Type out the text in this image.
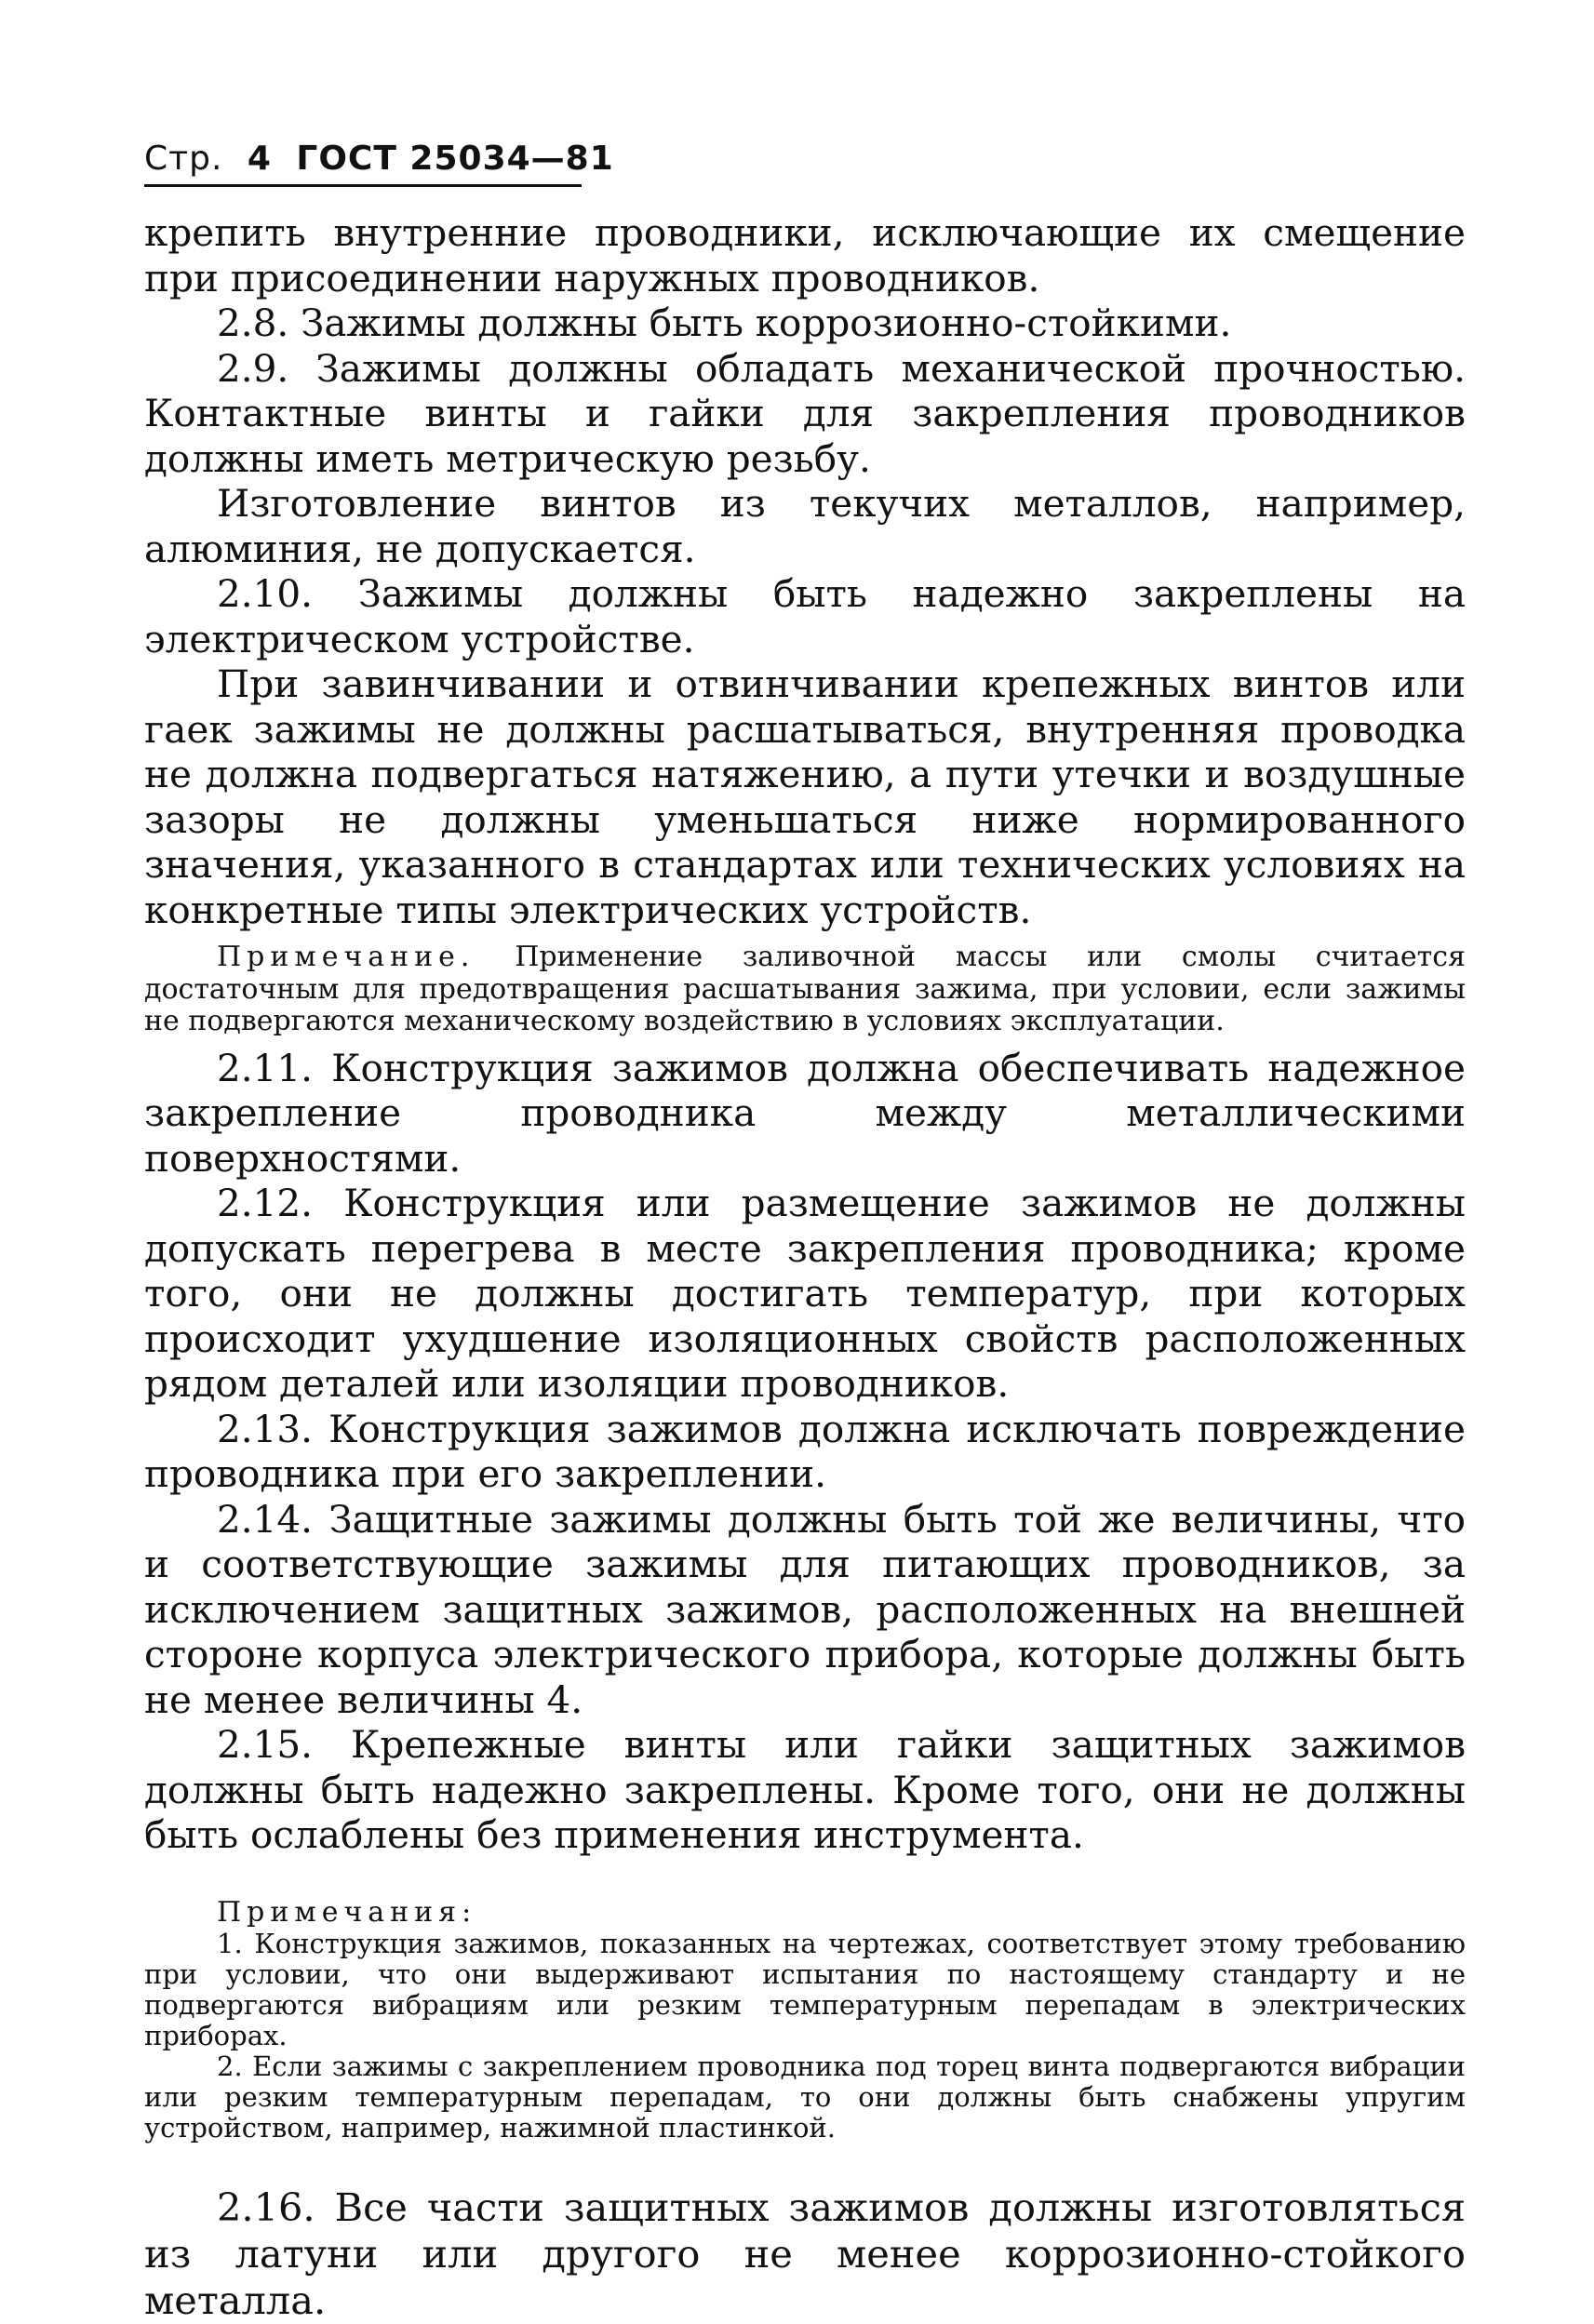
Стр. 4 ГОСТ 25034—81

крепить внутренние проводники, исключающие их смещение при присоединении наружных проводников.

2.8. Зажимы должны быть коррозионно-стойкими.

2.9. Зажимы должны обладать механической прочностью. Контактные винты и гайки для закрепления проводников должны иметь метрическую резьбу.

Изготовление винтов из текучих металлов, например, алюминия, не допускается.

2.10. Зажимы должны быть надежно закреплены на электрическом устройстве.

При завинчивании и отвинчивании крепежных винтов или гаек зажимы не должны расшатываться, внутренняя проводка не должна подвергаться натяжению, а пути утечки и воздушные зазоры не должны уменьшаться ниже нормированного значения, указанного в стандартах или технических условиях на конкретные типы электрических устройств.

Примечание. Применение заливочной массы или смолы считается достаточным для предотвращения расшатывания зажима, при условии, если зажимы не подвергаются механическому воздействию в условиях эксплуатации.

2.11. Конструкция зажимов должна обеспечивать надежное закрепление проводника между металлическими поверхностями.

2.12. Конструкция или размещение зажимов не должны допускать перегрева в месте закрепления проводника; кроме того, они не должны достигать температур, при которых происходит ухудшение изоляционных свойств расположенных рядом деталей или изоляции проводников.

2.13. Конструкция зажимов должна исключать повреждение проводника при его закреплении.

2.14. Защитные зажимы должны быть той же величины, что и соответствующие зажимы для питающих проводников, за исключением защитных зажимов, расположенных на внешней стороне корпуса электрического прибора, которые должны быть не менее величины 4.

2.15. Крепежные винты или гайки защитных зажимов должны быть надежно закреплены. Кроме того, они не должны быть ослаблены без применения инструмента.

Примечания:

1. Конструкция зажимов, показанных на чертежах, соответствует этому требованию при условии, что они выдерживают испытания по настоящему стандарту и не подвергаются вибрациям или резким температурным перепадам в электрических приборах.

2. Если зажимы с закреплением проводника под торец винта подвергаются вибрации или резким температурным перепадам, то они должны быть снабжены упругим устройством, например, нажимной пластинкой.

2.16. Все части защитных зажимов должны изготовляться из латуни или другого не менее коррозионно-стойкого металла.
